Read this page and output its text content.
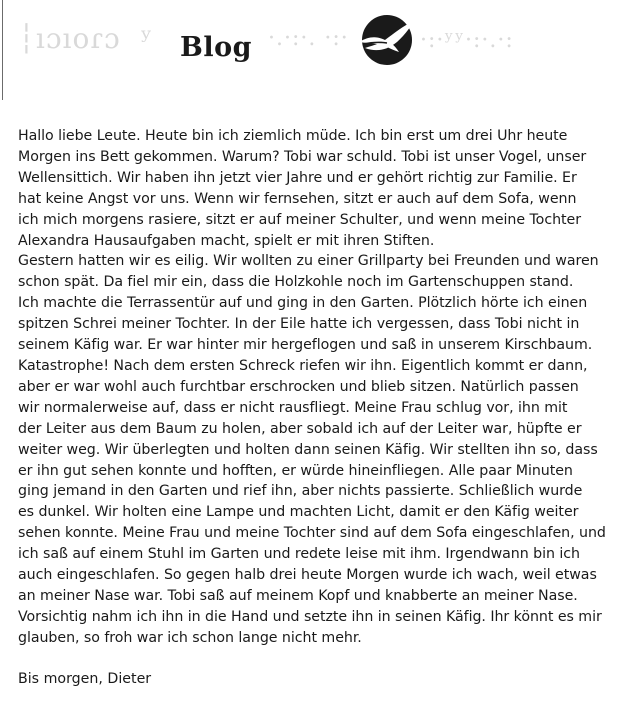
┆ıɔıoɾɔ  ʸ	·.·:·. ·:·	·:·ʸʸ·:·.·:
Blog
Hallo liebe Leute. Heute bin ich ziemlich müde. Ich bin erst um drei Uhr heute
Morgen ins Bett gekommen. Warum? Tobi war schuld. Tobi ist unser Vogel, unser
Wellensittich. Wir haben ihn jetzt vier Jahre und er gehört richtig zur Familie. Er
hat keine Angst vor uns. Wenn wir fernsehen, sitzt er auch auf dem Sofa, wenn
ich mich morgens rasiere, sitzt er auf meiner Schulter, und wenn meine Tochter
Alexandra Hausaufgaben macht, spielt er mit ihren Stiften.
Gestern hatten wir es eilig. Wir wollten zu einer Grillparty bei Freunden und waren
schon spät. Da fiel mir ein, dass die Holzkohle noch im Gartenschuppen stand.
Ich machte die Terrassentür auf und ging in den Garten. Plötzlich hörte ich einen
spitzen Schrei meiner Tochter. In der Eile hatte ich vergessen, dass Tobi nicht in
seinem Käfig war. Er war hinter mir hergeflogen und saß in unserem Kirschbaum.
Katastrophe! Nach dem ersten Schreck riefen wir ihn. Eigentlich kommt er dann,
aber er war wohl auch furchtbar erschrocken und blieb sitzen. Natürlich passen
wir normalerweise auf, dass er nicht rausfliegt. Meine Frau schlug vor, ihn mit
der Leiter aus dem Baum zu holen, aber sobald ich auf der Leiter war, hüpfte er
weiter weg. Wir überlegten und holten dann seinen Käfig. Wir stellten ihn so, dass
er ihn gut sehen konnte und hofften, er würde hineinfliegen. Alle paar Minuten
ging jemand in den Garten und rief ihn, aber nichts passierte. Schließlich wurde
es dunkel. Wir holten eine Lampe und machten Licht, damit er den Käfig weiter
sehen konnte. Meine Frau und meine Tochter sind auf dem Sofa eingeschlafen, und
ich saß auf einem Stuhl im Garten und redete leise mit ihm. Irgendwann bin ich
auch eingeschlafen. So gegen halb drei heute Morgen wurde ich wach, weil etwas
an meiner Nase war. Tobi saß auf meinem Kopf und knabberte an meiner Nase.
Vorsichtig nahm ich ihn in die Hand und setzte ihn in seinen Käfig. Ihr könnt es mir
glauben, so froh war ich schon lange nicht mehr.
Bis morgen, Dieter
